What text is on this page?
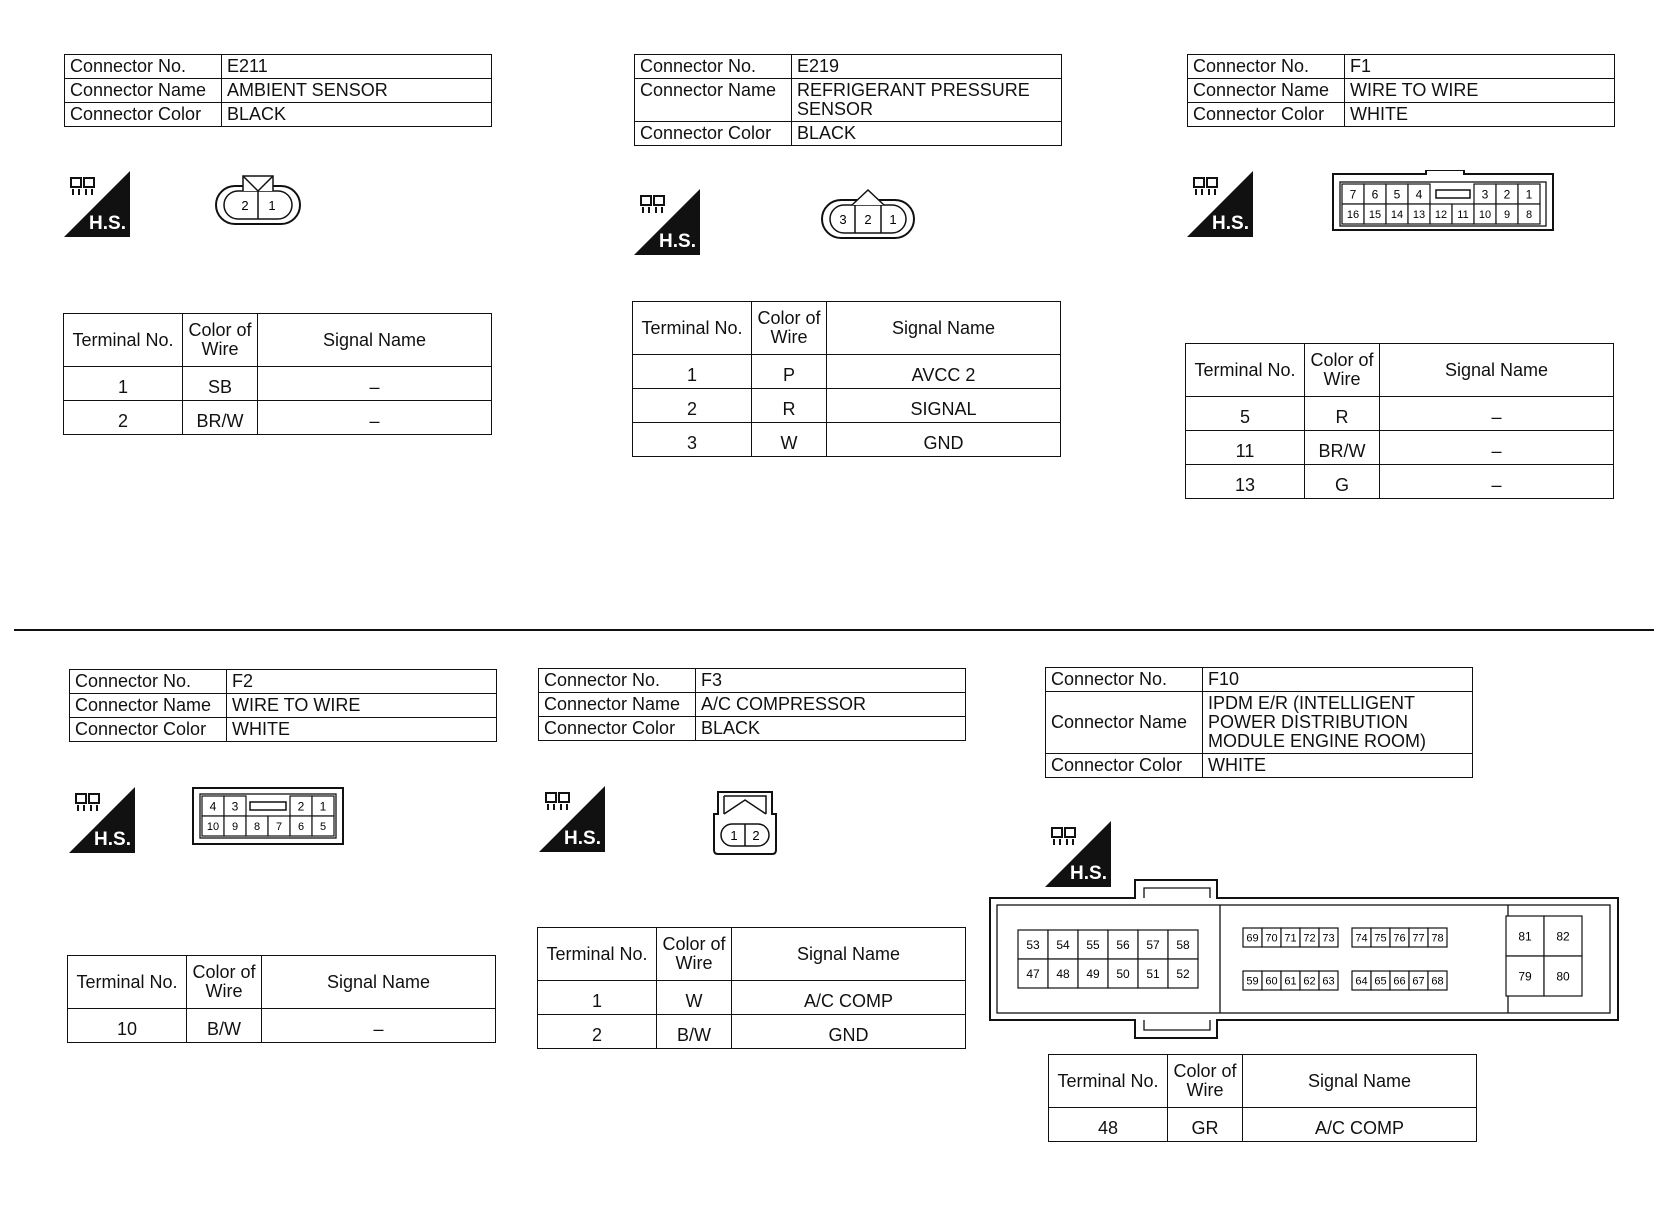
Connector No.	E211
Connector Name	AMBIENT SENSOR
Connector Color	BLACK
H.S.
2 1
Terminal No.	Color of Wire	Signal Name
1	SB	–
2	BR/W	–
Connector No.	E219
Connector Name	REFRIGERANT PRESSURE SENSOR
Connector Color	BLACK
H.S.
3 2 1
Terminal No.	Color of Wire	Signal Name
1	P	AVCC 2
2	R	SIGNAL
3	W	GND
Connector No.	F1
Connector Name	WIRE TO WIRE
Connector Color	WHITE
H.S.
7 6 5 4	3 2 1
16 15 14 13 12 11 10 9 8
Terminal No.	Color of Wire	Signal Name
5	R	–
11	BR/W	–
13	G	–
Connector No.	F2
Connector Name	WIRE TO WIRE
Connector Color	WHITE
H.S.
4 3	2 1
10 9 8 7 6 5
Terminal No.	Color of Wire	Signal Name
10	B/W	–
Connector No.	F3
Connector Name	A/C COMPRESSOR
Connector Color	BLACK
H.S.	1 2
Terminal No.	Color of Wire	Signal Name
1	W	A/C COMP
2	B/W	GND
Connector No.	F10
Connector Name	IPDM E/R (INTELLIGENT POWER DISTRIBUTION MODULE ENGINE ROOM)
Connector Color	WHITE
H.S.
53 54 55 56 57 58
47 48 49 50 51 52
69 70 71 72 73 74 75 76 77 78
59 60 61 62 63 64 65 66 67 68
81 82
79 80
Terminal No.	Color of Wire	Signal Name
48	GR	A/C COMP
